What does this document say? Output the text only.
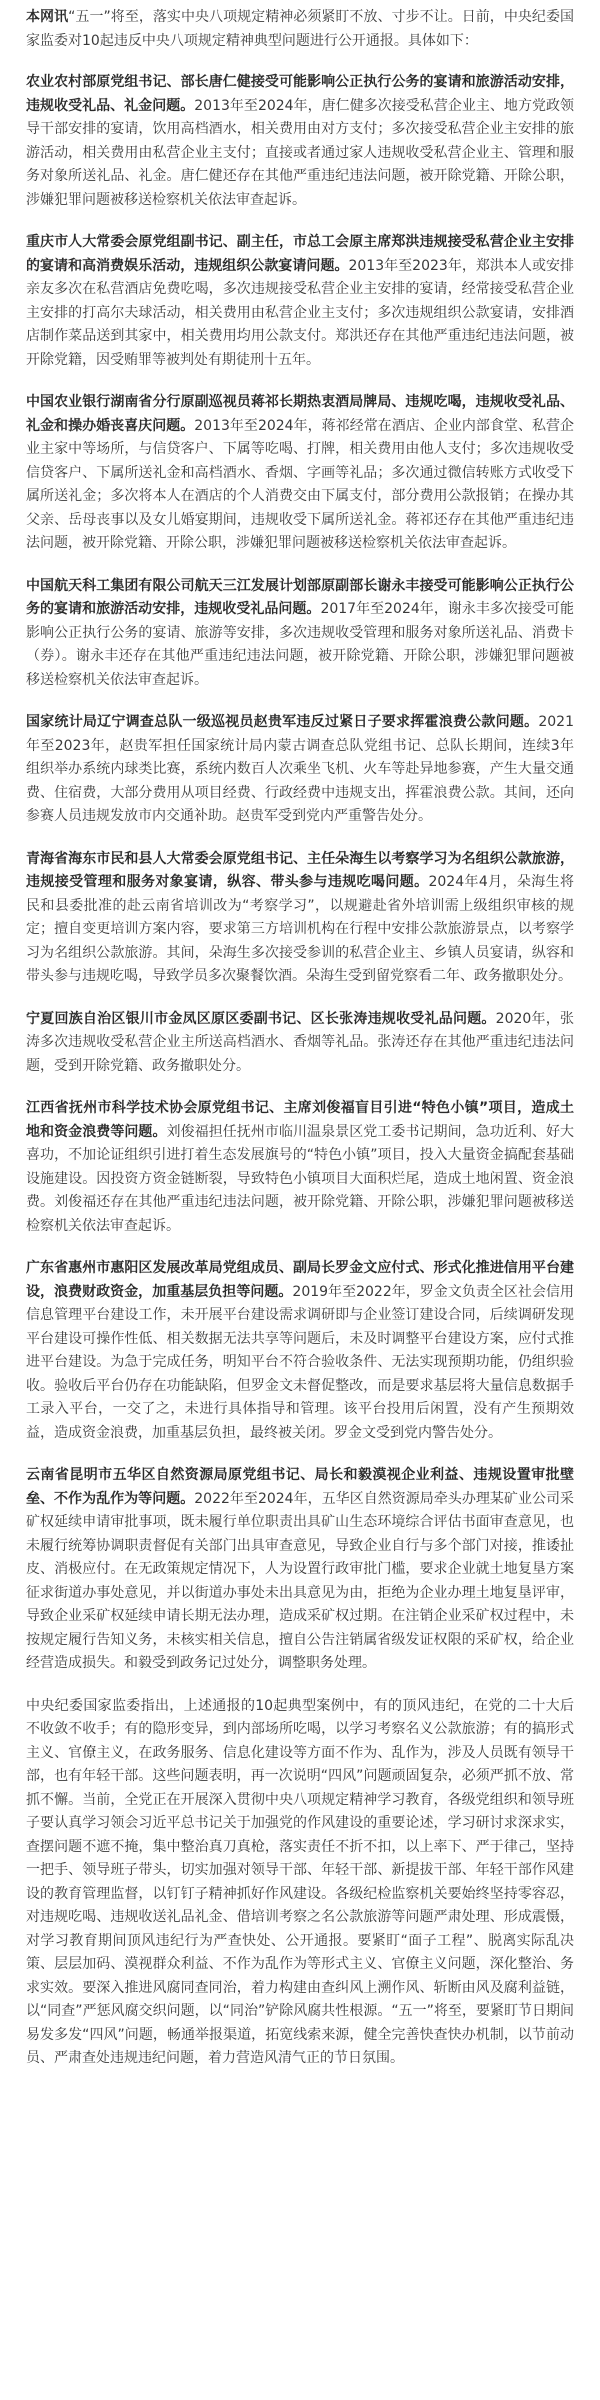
本网讯“五一”将至，落实中央八项规定精神必须紧盯不放、寸步不让。日前，中央纪委国家监委对10起违反中央八项规定精神典型问题进行公开通报。具体如下：

农业农村部原党组书记、部长唐仁健接受可能影响公正执行公务的宴请和旅游活动安排，违规收受礼品、礼金问题。2013年至2024年，唐仁健多次接受私营企业主、地方党政领导干部安排的宴请，饮用高档酒水，相关费用由对方支付；多次接受私营企业主安排的旅游活动，相关费用由私营企业主支付；直接或者通过家人违规收受私营企业主、管理和服务对象所送礼品、礼金。唐仁健还存在其他严重违纪违法问题，被开除党籍、开除公职，涉嫌犯罪问题被移送检察机关依法审查起诉。

重庆市人大常委会原党组副书记、副主任，市总工会原主席郑洪违规接受私营企业主安排的宴请和高消费娱乐活动，违规组织公款宴请问题。2013年至2023年，郑洪本人或安排亲友多次在私营酒店免费吃喝，多次违规接受私营企业主安排的宴请，经常接受私营企业主安排的打高尔夫球活动，相关费用由私营企业主支付；多次违规组织公款宴请，安排酒店制作菜品送到其家中，相关费用均用公款支付。郑洪还存在其他严重违纪违法问题，被开除党籍，因受贿罪等被判处有期徒刑十五年。

中国农业银行湖南省分行原副巡视员蒋祁长期热衷酒局牌局、违规吃喝，违规收受礼品、礼金和操办婚丧喜庆问题。2013年至2024年，蒋祁经常在酒店、企业内部食堂、私营企业主家中等场所，与信贷客户、下属等吃喝、打牌，相关费用由他人支付；多次违规收受信贷客户、下属所送礼金和高档酒水、香烟、字画等礼品；多次通过微信转账方式收受下属所送礼金；多次将本人在酒店的个人消费交由下属支付，部分费用公款报销；在操办其父亲、岳母丧事以及女儿婚宴期间，违规收受下属所送礼金。蒋祁还存在其他严重违纪违法问题，被开除党籍、开除公职，涉嫌犯罪问题被移送检察机关依法审查起诉。

中国航天科工集团有限公司航天三江发展计划部原副部长谢永丰接受可能影响公正执行公务的宴请和旅游活动安排，违规收受礼品问题。2017年至2024年，谢永丰多次接受可能影响公正执行公务的宴请、旅游等安排，多次违规收受管理和服务对象所送礼品、消费卡（券）。谢永丰还存在其他严重违纪违法问题，被开除党籍、开除公职，涉嫌犯罪问题被移送检察机关依法审查起诉。

国家统计局辽宁调查总队一级巡视员赵贵军违反过紧日子要求挥霍浪费公款问题。2021年至2023年，赵贵军担任国家统计局内蒙古调查总队党组书记、总队长期间，连续3年组织举办系统内球类比赛，系统内数百人次乘坐飞机、火车等赴异地参赛，产生大量交通费、住宿费，大部分费用从项目经费、行政经费中违规支出，挥霍浪费公款。其间，还向参赛人员违规发放市内交通补助。赵贵军受到党内严重警告处分。

青海省海东市民和县人大常委会原党组书记、主任朵海生以考察学习为名组织公款旅游，违规接受管理和服务对象宴请，纵容、带头参与违规吃喝问题。2024年4月，朵海生将民和县委批准的赴云南省培训改为“考察学习”，以规避赴省外培训需上级组织审核的规定；擅自变更培训方案内容，要求第三方培训机构在行程中安排公款旅游景点，以考察学习为名组织公款旅游。其间，朵海生多次接受参训的私营企业主、乡镇人员宴请，纵容和带头参与违规吃喝，导致学员多次聚餐饮酒。朵海生受到留党察看二年、政务撤职处分。

宁夏回族自治区银川市金凤区原区委副书记、区长张涛违规收受礼品问题。2020年，张涛多次违规收受私营企业主所送高档酒水、香烟等礼品。张涛还存在其他严重违纪违法问题，受到开除党籍、政务撤职处分。

江西省抚州市科学技术协会原党组书记、主席刘俊福盲目引进“特色小镇”项目，造成土地和资金浪费等问题。刘俊福担任抚州市临川温泉景区党工委书记期间，急功近利、好大喜功，不加论证组织引进打着生态发展旗号的“特色小镇”项目，投入大量资金搞配套基础设施建设。因投资方资金链断裂，导致特色小镇项目大面积烂尾，造成土地闲置、资金浪费。刘俊福还存在其他严重违纪违法问题，被开除党籍、开除公职，涉嫌犯罪问题被移送检察机关依法审查起诉。

广东省惠州市惠阳区发展改革局党组成员、副局长罗金文应付式、形式化推进信用平台建设，浪费财政资金，加重基层负担等问题。2019年至2022年，罗金文负责全区社会信用信息管理平台建设工作，未开展平台建设需求调研即与企业签订建设合同，后续调研发现平台建设可操作性低、相关数据无法共享等问题后，未及时调整平台建设方案，应付式推进平台建设。为急于完成任务，明知平台不符合验收条件、无法实现预期功能，仍组织验收。验收后平台仍存在功能缺陷，但罗金文未督促整改，而是要求基层将大量信息数据手工录入平台，一交了之，未进行具体指导和管理。该平台投用后闲置，没有产生预期效益，造成资金浪费，加重基层负担，最终被关闭。罗金文受到党内警告处分。

云南省昆明市五华区自然资源局原党组书记、局长和毅漠视企业利益、违规设置审批壁垒、不作为乱作为等问题。2022年至2024年，五华区自然资源局牵头办理某矿业公司采矿权延续申请审批事项，既未履行单位职责出具矿山生态环境综合评估书面审查意见，也未履行统筹协调职责督促有关部门出具审查意见，导致企业自行与多个部门对接，推诿扯皮、消极应付。在无政策规定情况下，人为设置行政审批门槛，要求企业就土地复垦方案征求街道办事处意见，并以街道办事处未出具意见为由，拒绝为企业办理土地复垦评审，导致企业采矿权延续申请长期无法办理，造成采矿权过期。在注销企业采矿权过程中，未按规定履行告知义务，未核实相关信息，擅自公告注销属省级发证权限的采矿权，给企业经营造成损失。和毅受到政务记过处分，调整职务处理。

中央纪委国家监委指出，上述通报的10起典型案例中，有的顶风违纪，在党的二十大后不收敛不收手；有的隐形变异，到内部场所吃喝，以学习考察名义公款旅游；有的搞形式主义、官僚主义，在政务服务、信息化建设等方面不作为、乱作为，涉及人员既有领导干部，也有年轻干部。这些问题表明，再一次说明“四风”问题顽固复杂，必须严抓不放、常抓不懈。当前，全党正在开展深入贯彻中央八项规定精神学习教育，各级党组织和领导班子要认真学习领会习近平总书记关于加强党的作风建设的重要论述，学习研讨求深求实，查摆问题不遮不掩，集中整治真刀真枪，落实责任不折不扣，以上率下、严于律己，坚持一把手、领导班子带头，切实加强对领导干部、年轻干部、新提拔干部、年轻干部作风建设的教育管理监督，以钉钉子精神抓好作风建设。各级纪检监察机关要始终坚持零容忍，对违规吃喝、违规收送礼品礼金、借培训考察之名公款旅游等问题严肃处理、形成震慑，对学习教育期间顶风违纪行为严查快处、公开通报。要紧盯“面子工程”、脱离实际乱决策、层层加码、漠视群众利益、不作为乱作为等形式主义、官僚主义问题，深化整治、务求实效。要深入推进风腐同查同治，着力构建由查纠风上溯作风、斩断由风及腐利益链，以“同查”严惩风腐交织问题，以“同治”铲除风腐共性根源。“五一”将至，要紧盯节日期间易发多发“四风”问题，畅通举报渠道，拓宽线索来源，健全完善快查快办机制，以节前动员、严肃查处违规违纪问题，着力营造风清气正的节日氛围。
